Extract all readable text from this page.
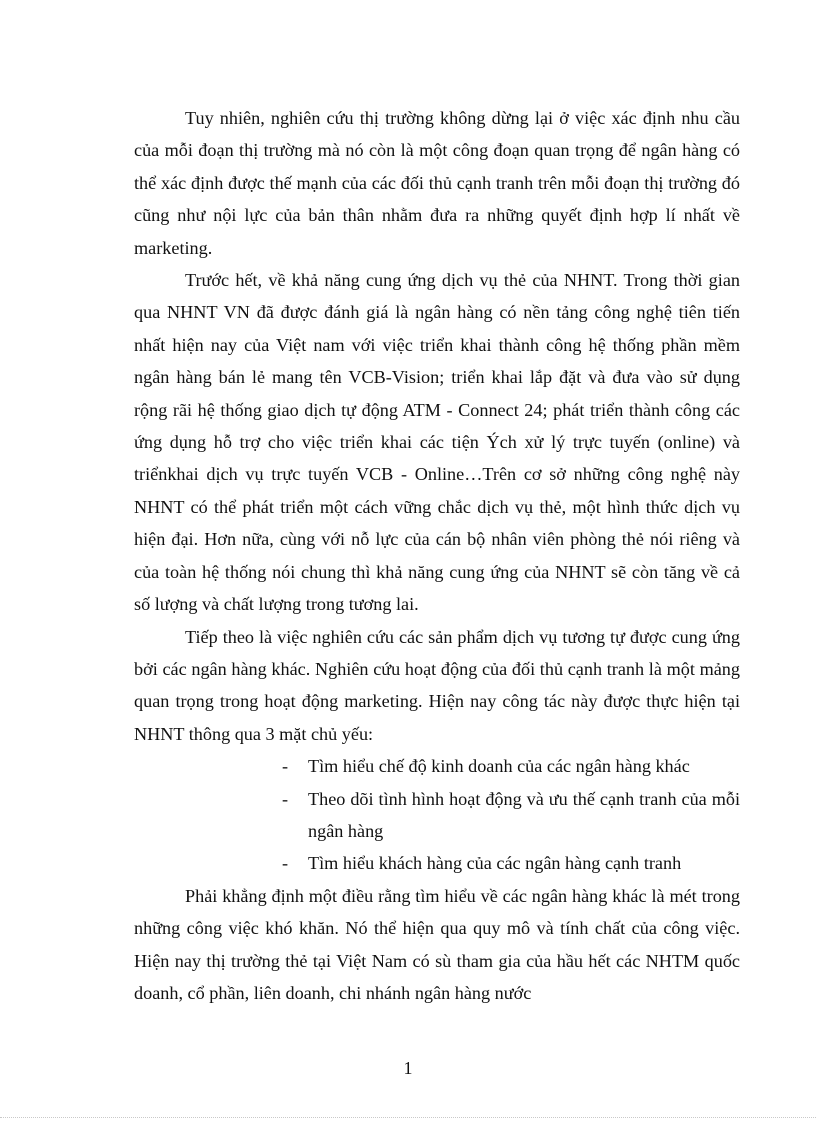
Tuy nhiên, nghiên cứu thị trường không dừng lại ở việc xác định nhu cầu của mỗi đoạn thị trường mà nó còn là một công đoạn quan trọng để ngân hàng có thể xác định được thế mạnh của các đối thủ cạnh tranh trên mỗi đoạn thị trường đó cũng như nội lực của bản thân nhằm đưa ra những quyết định hợp lí nhất về marketing.

Trước hết, về khả năng cung ứng dịch vụ thẻ của NHNT. Trong thời gian qua NHNT VN đã được đánh giá là ngân hàng có nền tảng công nghệ tiên tiến nhất hiện nay của Việt nam với việc triển khai thành công hệ thống phần mềm ngân hàng bán lẻ mang tên VCB-Vision; triển khai lắp đặt và đưa vào sử dụng rộng rãi hệ thống giao dịch tự động ATM - Connect 24; phát triển thành công các ứng dụng hỗ trợ cho việc triển khai các tiện Ých xử lý trực tuyến (online) và triểnkhai dịch vụ trực tuyến VCB - Online…Trên cơ sở những công nghệ này NHNT có thể phát triển một cách vững chắc dịch vụ thẻ, một hình thức dịch vụ hiện đại. Hơn nữa, cùng với nỗ lực của cán bộ nhân viên phòng thẻ nói riêng và của toàn hệ thống nói chung thì khả năng cung ứng của NHNT sẽ còn tăng về cả số lượng và chất lượng trong tương lai.

Tiếp theo là việc nghiên cứu các sản phẩm dịch vụ tương tự được cung ứng bởi các ngân hàng khác. Nghiên cứu hoạt động của đối thủ cạnh tranh là một mảng quan trọng trong hoạt động marketing. Hiện nay công tác này được thực hiện tại NHNT thông qua 3 mặt chủ yếu:

- Tìm hiểu chế độ kinh doanh của các ngân hàng khác
- Theo dõi tình hình hoạt động và ưu thế cạnh tranh của mỗi ngân hàng
- Tìm hiểu khách hàng của các ngân hàng cạnh tranh

Phải khẳng định một điều rằng tìm hiểu về các ngân hàng khác là mét trong những công việc khó khăn. Nó thể hiện qua quy mô và tính chất của công việc. Hiện nay thị trường thẻ tại Việt Nam có sù tham gia của hầu hết các NHTM quốc doanh, cổ phần, liên doanh, chi nhánh ngân hàng nước

1
